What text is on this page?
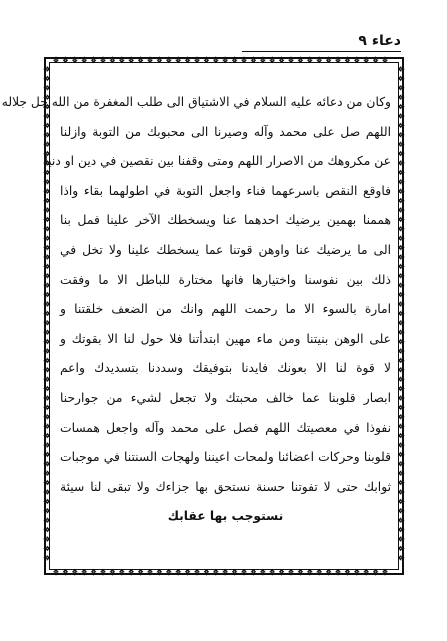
دعاء ۹
وكان من دعائه عليه السلام في الاشتياق الى طلب المغفرة من الله جل جلاله
اللهم صل على محمد وآله وصيرنا الى محبوبك من التوبة وازلنا
عن مكروهك من الاصرار اللهم ومتى وقفنا بين نقصين في دين او دنيا
فاوقع النقص باسرعهما فناء واجعل التوبة في اطولهما بقاء واذا
هممنا بهمين يرضيك احدهما عنا ويسخطك الآخر علينا فمل بنا
الى ما يرضيك عنا واوهن قوتنا عما يسخطك علينا ولا تخل في
ذلك بين نفوسنا واختيارها فانها مختارة للباطل الا ما وفقت
امارة بالسوء الا ما رحمت اللهم وانك من الضعف خلقتنا و
على الوهن بنيتنا ومن ماء مهين ابتدأتنا فلا حول لنا الا بقوتك و
لا قوة لنا الا بعونك فايدنا بتوفيقك وسددنا بتسديدك واعم
ابصار قلوبنا عما خالف محبتك ولا تجعل لشيء من جوارحنا
نفوذا في معصيتك اللهم فصل على محمد وآله واجعل همسات
قلوبنا وحركات اعضائنا ولمحات اعيننا ولهجات السنتنا في موجبات
ثوابك حتى لا تفوتنا حسنة نستحق بها جزاءك ولا تبقى لنا سيئة
نستوجب بها عقابك
